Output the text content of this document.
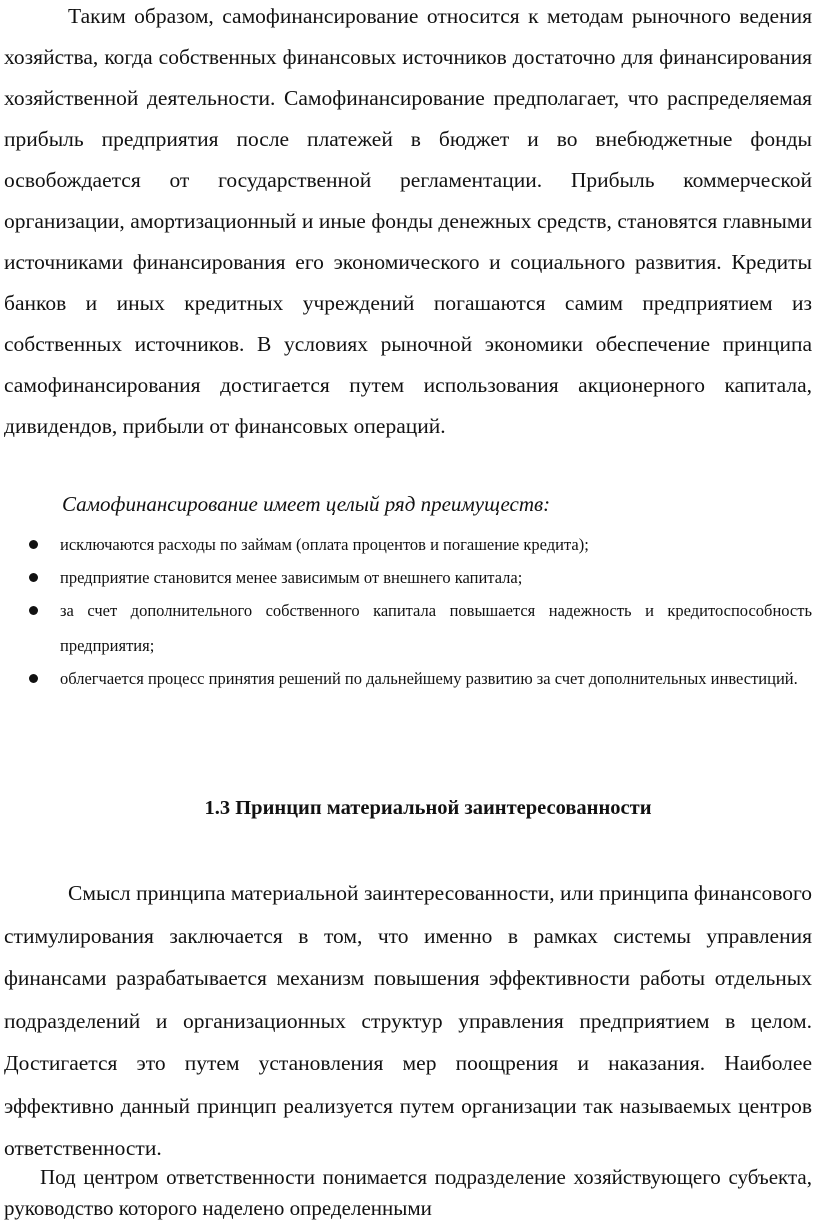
Таким образом, самофинансирование относится к методам рыночного ведения хозяйства, когда собственных финансовых источников достаточно для финансирования хозяйственной деятельности. Самофинансирование предполагает, что распределяемая прибыль предприятия после платежей в бюджет и во внебюджетные фонды освобождается от государственной регламентации. Прибыль коммерческой организации, амортизационный и иные фонды денежных средств, становятся главными источниками финансирования его экономического и социального развития. Кредиты банков и иных кредитных учреждений погашаются самим предприятием из собственных источников. В условиях рыночной экономики обеспечение принципа самофинансирования достигается путем использования акционерного капитала, дивидендов, прибыли от финансовых операций.

Самофинансирование имеет целый ряд преимуществ:

исключаются расходы по займам (оплата процентов и погашение кредита);
предприятие становится менее зависимым от внешнего капитала;
за счет дополнительного собственного капитала повышается надежность и кредитоспособность предприятия;
облегчается процесс принятия решений по дальнейшему развитию за счет дополнительных инвестиций.
1.3 Принцип материальной заинтересованности

Смысл принципа материальной заинтересованности, или принципа финансового стимулирования заключается в том, что именно в рамках системы управления финансами разрабатывается механизм повышения эффективности работы отдельных подразделений и организационных структур управления предприятием в целом. Достигается это путем установления мер поощрения и наказания. Наиболее эффективно данный принцип реализуется путем организации так называемых центров ответственности.

Под центром ответственности понимается подразделение хозяйствующего субъекта, руководство которого наделено определенными
